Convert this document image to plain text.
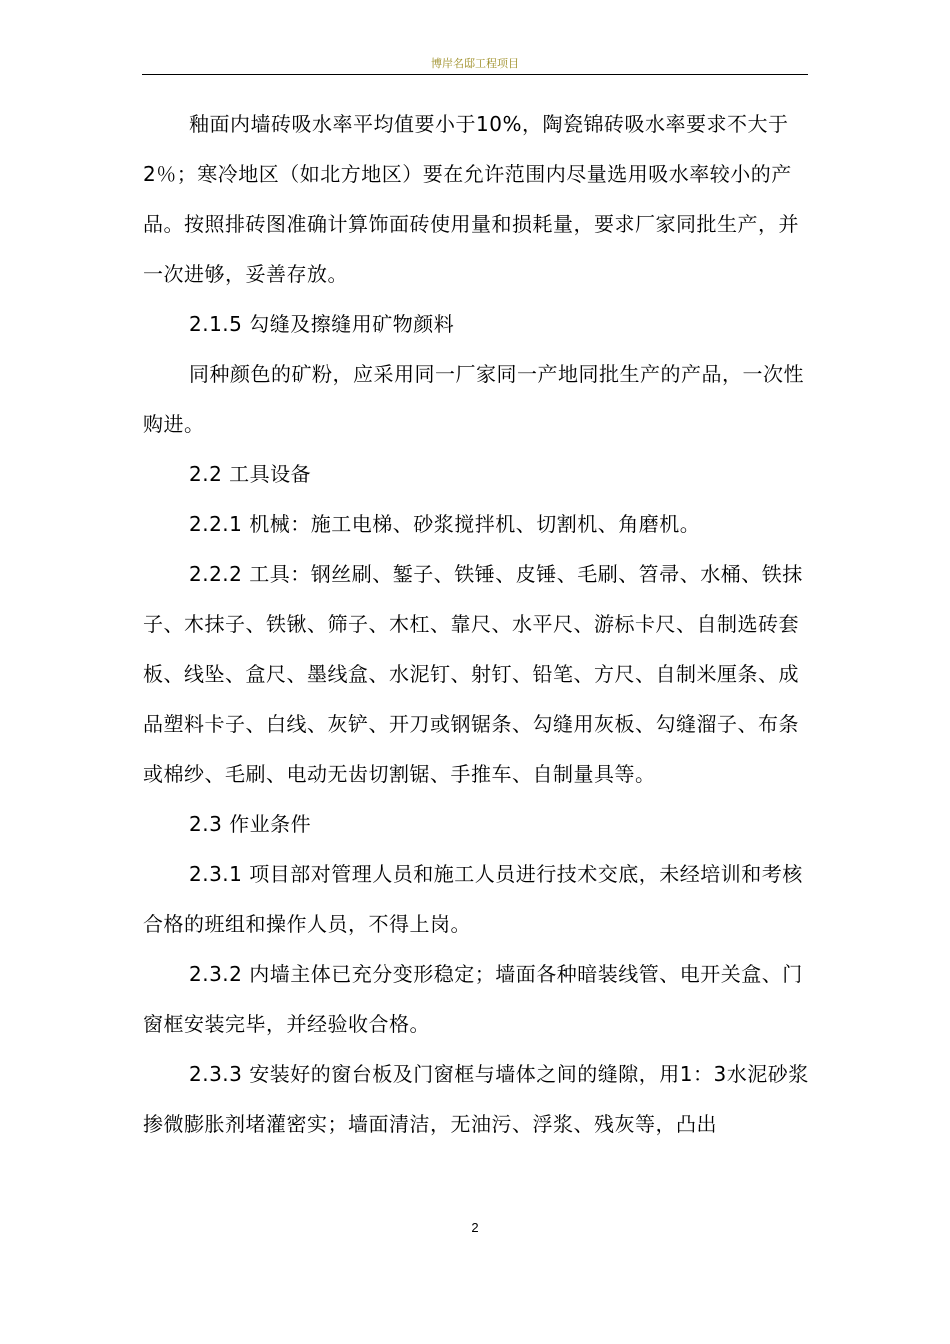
博岸名邸工程项目

釉面内墙砖吸水率平均值要小于10%，陶瓷锦砖吸水率要求不大于2％；寒冷地区（如北方地区）要在允许范围内尽量选用吸水率较小的产品。按照排砖图准确计算饰面砖使用量和损耗量，要求厂家同批生产，并一次进够，妥善存放。

2.1.5 勾缝及擦缝用矿物颜料

同种颜色的矿粉，应采用同一厂家同一产地同批生产的产品，一次性购进。

2.2 工具设备

2.2.1 机械：施工电梯、砂浆搅拌机、切割机、角磨机。

2.2.2 工具：钢丝刷、錾子、铁锤、皮锤、毛刷、笤帚、水桶、铁抹子、木抹子、铁锹、筛子、木杠、靠尺、水平尺、游标卡尺、自制选砖套板、线坠、盒尺、墨线盒、水泥钉、射钉、铅笔、方尺、自制米厘条、成品塑料卡子、白线、灰铲、开刀或钢锯条、勾缝用灰板、勾缝溜子、布条或棉纱、毛刷、电动无齿切割锯、手推车、自制量具等。

2.3 作业条件

2.3.1 项目部对管理人员和施工人员进行技术交底，未经培训和考核合格的班组和操作人员，不得上岗。

2.3.2 内墙主体已充分变形稳定；墙面各种暗装线管、电开关盒、门窗框安装完毕，并经验收合格。

2.3.3 安装好的窗台板及门窗框与墙体之间的缝隙，用1：3水泥砂浆掺微膨胀剂堵灌密实；墙面清洁，无油污、浮浆、残灰等，凸出

2
